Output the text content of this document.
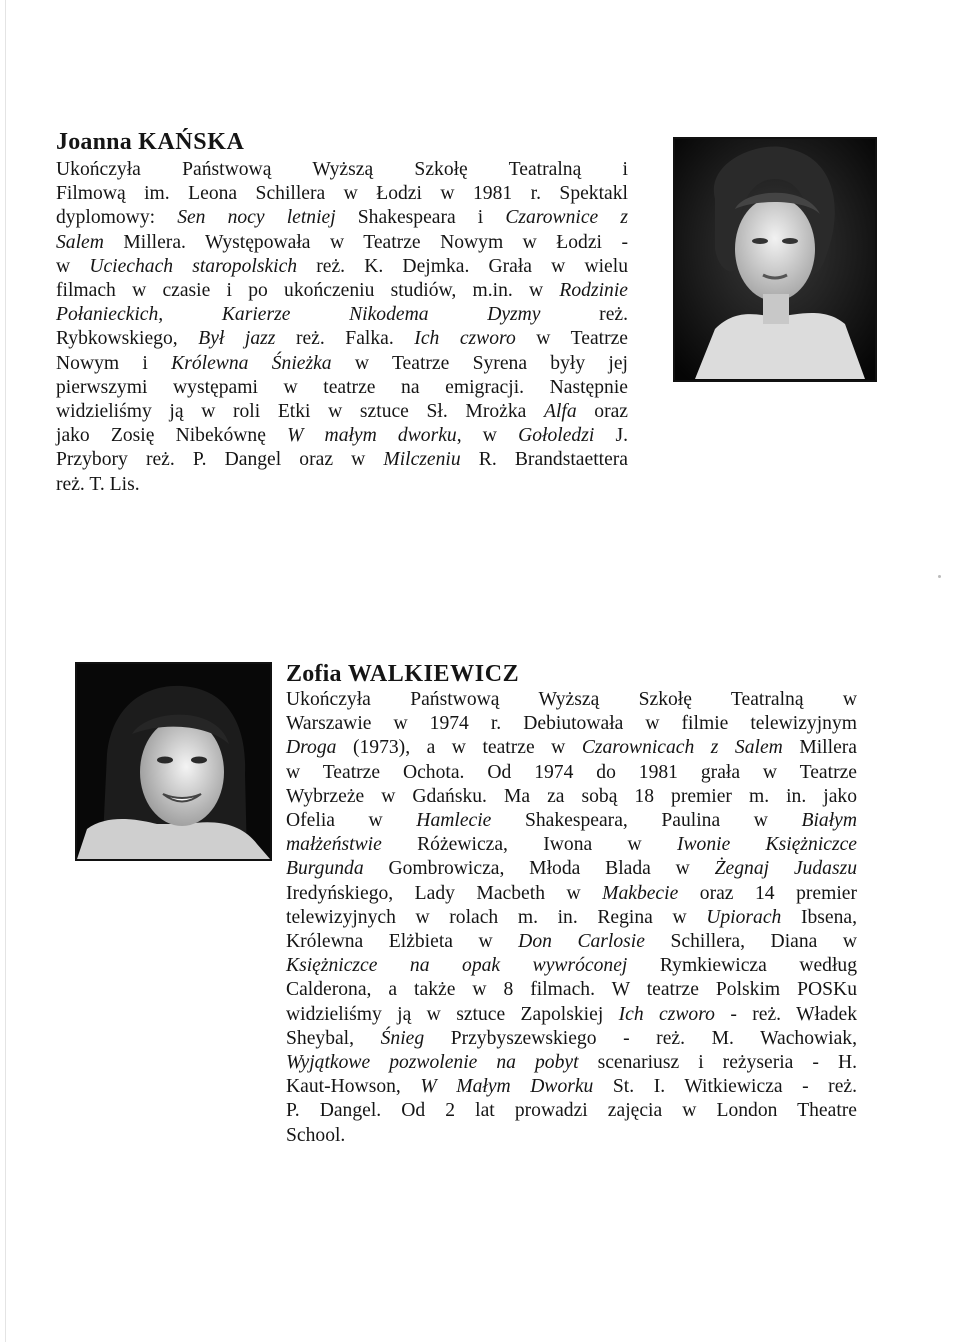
Joanna KAŃSKA
Ukończyła Państwową Wyższą Szkołę Teatralną i
Filmową im. Leona Schillera w Łodzi w 1981 r. Spektakl
dyplomowy: Sen nocy letniej Shakespeara i Czarownice z
Salem Millera. Występowała w Teatrze Nowym w Łodzi -
w Uciechach staropolskich reż. K. Dejmka. Grała w wielu
filmach w czasie i po ukończeniu studiów, m.in. w Rodzinie
Połanieckich, Karierze Nikodema Dyzmy reż.
Rybkowskiego, Był jazz reż. Falka. Ich czworo w Teatrze
Nowym i Królewna Śnieżka w Teatrze Syrena były jej
pierwszymi występami w teatrze na emigracji. Następnie
widzieliśmy ją w roli Etki w sztuce Sł. Mrożka Alfa oraz
jako Zosię Nibekównę W małym dworku, w Gołoledzi J.
Przybory reż. P. Dangel oraz w Milczeniu R. Brandstaettera
reż. T. Lis.
Zofia WALKIEWICZ
Ukończyła Państwową Wyższą Szkołę Teatralną w
Warszawie w 1974 r. Debiutowała w filmie telewizyjnym
Droga (1973), a w teatrze w Czarownicach z Salem Millera
w Teatrze Ochota. Od 1974 do 1981 grała w Teatrze
Wybrzeże w Gdańsku. Ma za sobą 18 premier m. in. jako
Ofelia w Hamlecie Shakespeara, Paulina w Białym
małżeństwie Różewicza, Iwona w Iwonie Księżniczce
Burgunda Gombrowicza, Młoda Blada w Żegnaj Judaszu
Iredyńskiego, Lady Macbeth w Makbecie oraz 14 premier
telewizyjnych w rolach m. in. Regina w Upiorach Ibsena,
Królewna Elżbieta w Don Carlosie Schillera, Diana w
Księżniczce na opak wywróconej Rymkiewicza według
Calderona, a także w 8 filmach. W teatrze Polskim POSKu
widzieliśmy ją w sztuce Zapolskiej Ich czworo - reż. Władek
Sheybal, Śnieg Przybyszewskiego - reż. M. Wachowiak,
Wyjątkowe pozwolenie na pobyt scenariusz i reżyseria - H.
Kaut-Howson, W Małym Dworku St. I. Witkiewicza - reż.
P. Dangel. Od 2 lat prowadzi zajęcia w London Theatre
School.
